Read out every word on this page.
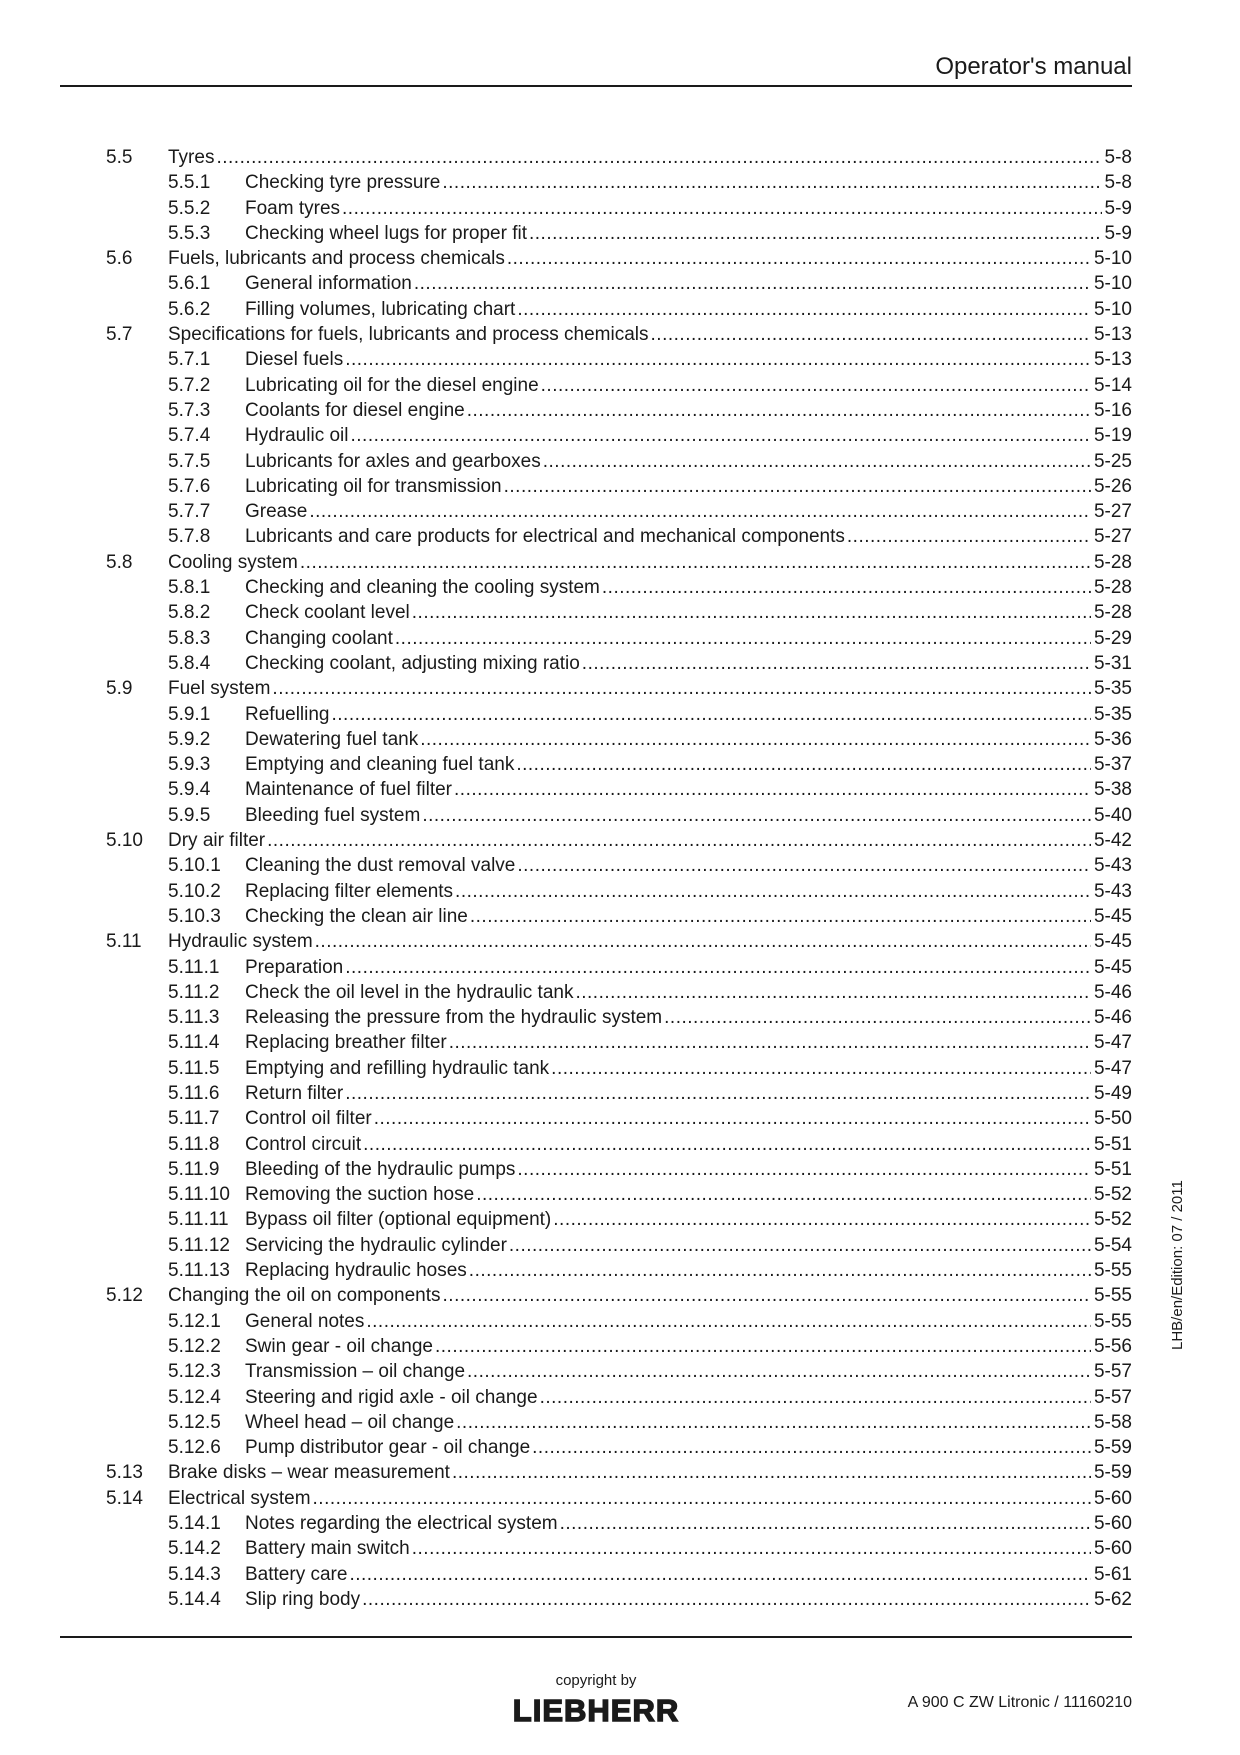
Operator's manual
5.5 Tyres .....	5-8
5.5.1 Checking tyre pressure .....	5-8
5.5.2 Foam tyres .....	5-9
5.5.3 Checking wheel lugs for proper fit .....	5-9
5.6 Fuels, lubricants and process chemicals .....	5-10
5.6.1 General information .....	5-10
5.6.2 Filling volumes, lubricating chart .....	5-10
5.7 Specifications for fuels, lubricants and process chemicals .....	5-13
5.7.1 Diesel fuels .....	5-13
5.7.2 Lubricating oil for the diesel engine .....	5-14
5.7.3 Coolants for diesel engine .....	5-16
5.7.4 Hydraulic oil .....	5-19
5.7.5 Lubricants for axles and gearboxes .....	5-25
5.7.6 Lubricating oil for transmission .....	5-26
5.7.7 Grease .....	5-27
5.7.8 Lubricants and care products for electrical and mechanical components .....	5-27
5.8 Cooling system .....	5-28
5.8.1 Checking and cleaning the cooling system .....	5-28
5.8.2 Check coolant level .....	5-28
5.8.3 Changing coolant .....	5-29
5.8.4 Checking coolant, adjusting mixing ratio .....	5-31
5.9 Fuel system .....	5-35
5.9.1 Refuelling .....	5-35
5.9.2 Dewatering fuel tank .....	5-36
5.9.3 Emptying and cleaning fuel tank .....	5-37
5.9.4 Maintenance of fuel filter .....	5-38
5.9.5 Bleeding fuel system .....	5-40
5.10 Dry air filter .....	5-42
5.10.1 Cleaning the dust removal valve .....	5-43
5.10.2 Replacing filter elements .....	5-43
5.10.3 Checking the clean air line .....	5-45
5.11 Hydraulic system .....	5-45
5.11.1 Preparation .....	5-45
5.11.2 Check the oil level in the hydraulic tank .....	5-46
5.11.3 Releasing the pressure from the hydraulic system .....	5-46
5.11.4 Replacing breather filter .....	5-47
5.11.5 Emptying and refilling hydraulic tank .....	5-47
5.11.6 Return filter .....	5-49
5.11.7 Control oil filter .....	5-50
5.11.8 Control circuit .....	5-51
5.11.9 Bleeding of the hydraulic pumps .....	5-51
5.11.10 Removing the suction hose .....	5-52
5.11.11 Bypass oil filter (optional equipment) .....	5-52
5.11.12 Servicing the hydraulic cylinder .....	5-54
5.11.13 Replacing hydraulic hoses .....	5-55
5.12 Changing the oil on components .....	5-55
5.12.1 General notes .....	5-55
5.12.2 Swin gear - oil change .....	5-56
5.12.3 Transmission – oil change .....	5-57
5.12.4 Steering and rigid axle - oil change .....	5-57
5.12.5 Wheel head – oil change .....	5-58
5.12.6 Pump distributor gear - oil change .....	5-59
5.13 Brake disks – wear measurement .....	5-59
5.14 Electrical system .....	5-60
5.14.1 Notes regarding the electrical system .....	5-60
5.14.2 Battery main switch .....	5-60
5.14.3 Battery care .....	5-61
5.14.4 Slip ring body .....	5-62
LHB/en/Edition: 07 / 2011
copyright by
LIEBHERR	A 900 C ZW Litronic / 11160210
